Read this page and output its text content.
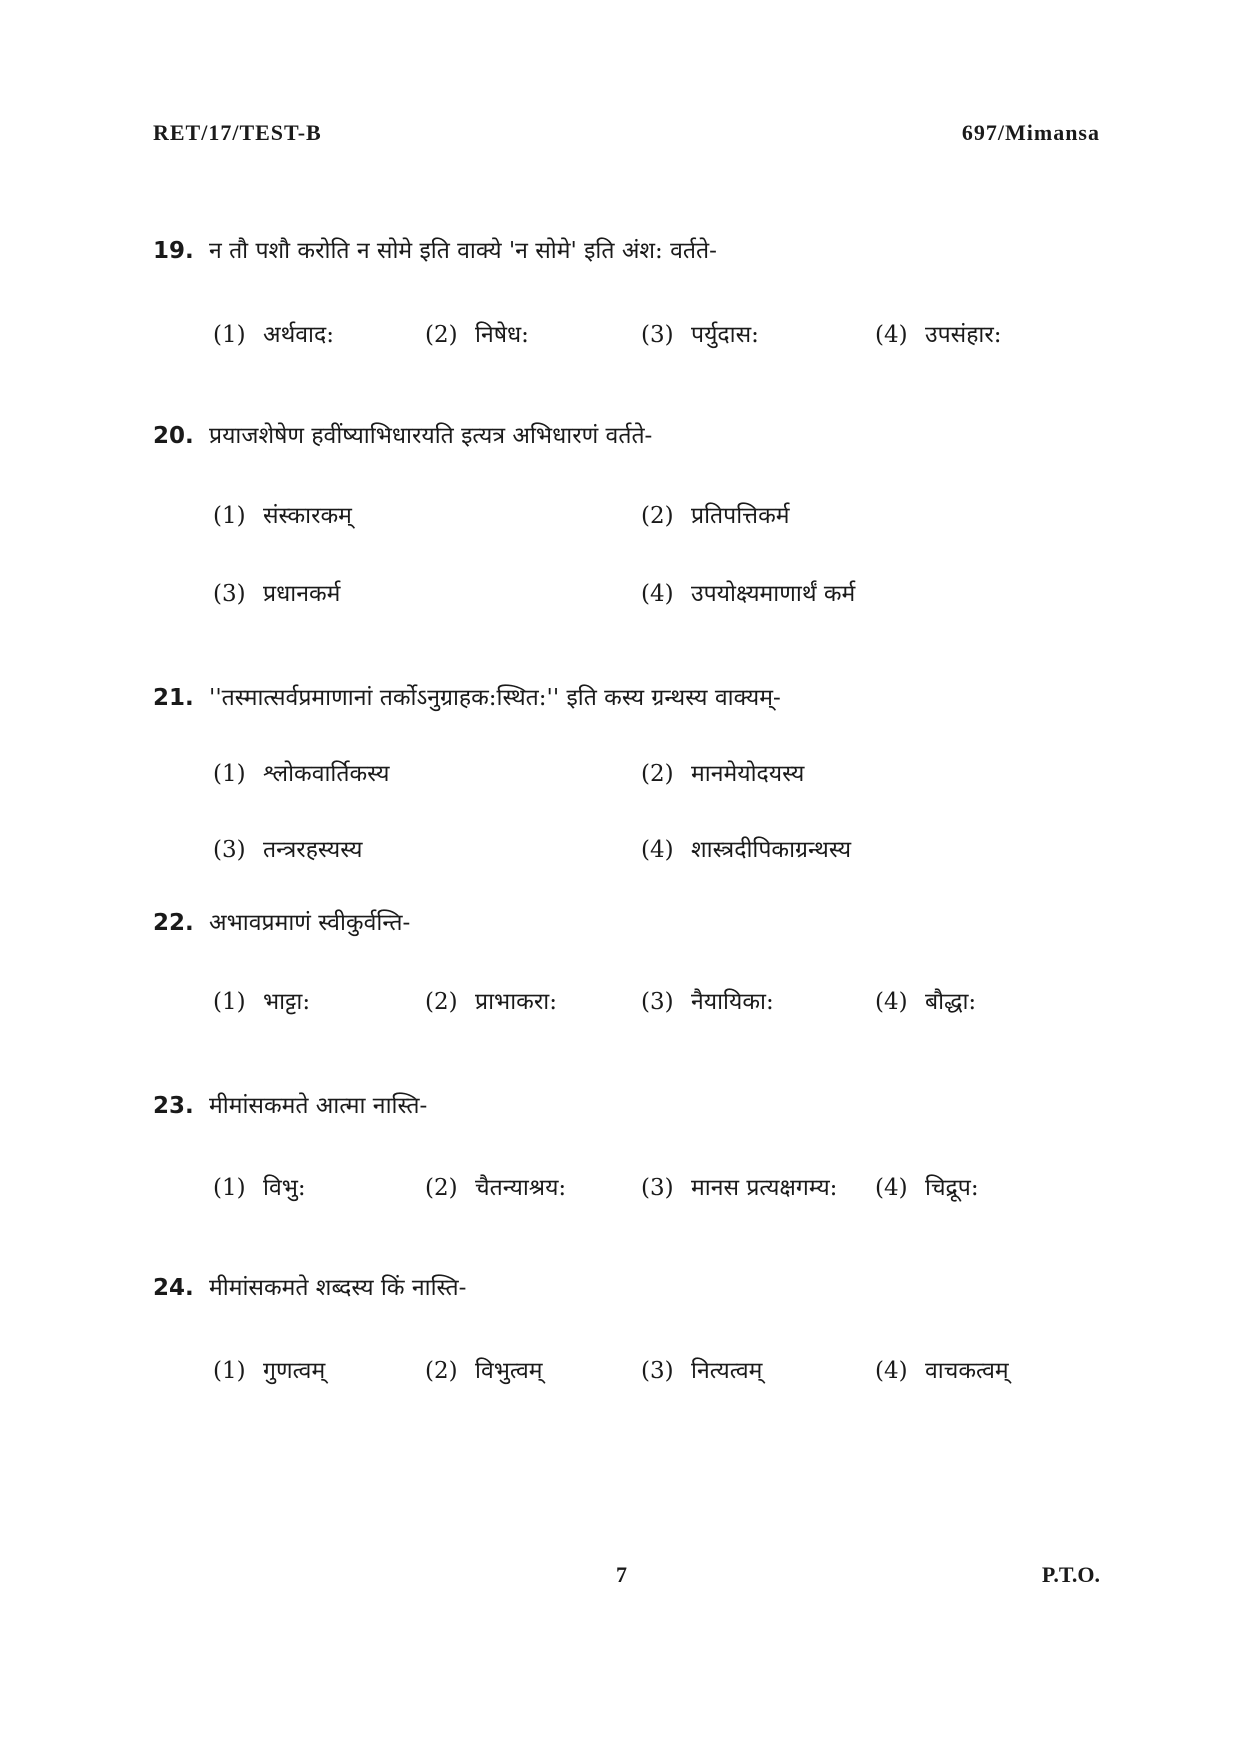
RET/17/TEST-B	697/Mimansa
19. न तौ पशौ करोति न सोमे इति वाक्ये 'न सोमे' इति अंश: वर्तते-
(1) अर्थवाद:	(2) निषेध:	(3) पर्युदास:	(4) उपसंहार:
20. प्रयाजशेषेण हवींष्याभिधारयति इत्यत्र अभिधारणं वर्तते-
(1) संस्कारकम्	(2) प्रतिपत्तिकर्म
(3) प्रधानकर्म	(4) उपयोक्ष्यमाणार्थं कर्म
21. ''तस्मात्सर्वप्रमाणानां तर्कोऽनुग्राहक:स्थित:'' इति कस्य ग्रन्थस्य वाक्यम्-
(1) श्लोकवार्तिकस्य	(2) मानमेयोदयस्य
(3) तन्त्ररहस्यस्य	(4) शास्त्रदीपिकाग्रन्थस्य
22. अभावप्रमाणं स्वीकुर्वन्ति-
(1) भाट्टा:	(2) प्राभाकरा:	(3) नैयायिका:	(4) बौद्धा:
23. मीमांसकमते आत्मा नास्ति-
(1) विभु:	(2) चैतन्याश्रय:	(3) मानस प्रत्यक्षगम्य: (4) चिद्रूप:
24. मीमांसकमते शब्दस्य किं नास्ति-
(1) गुणत्वम्	(2) विभुत्वम्	(3) नित्यत्वम्	(4) वाचकत्वम्
7	P.T.O.
